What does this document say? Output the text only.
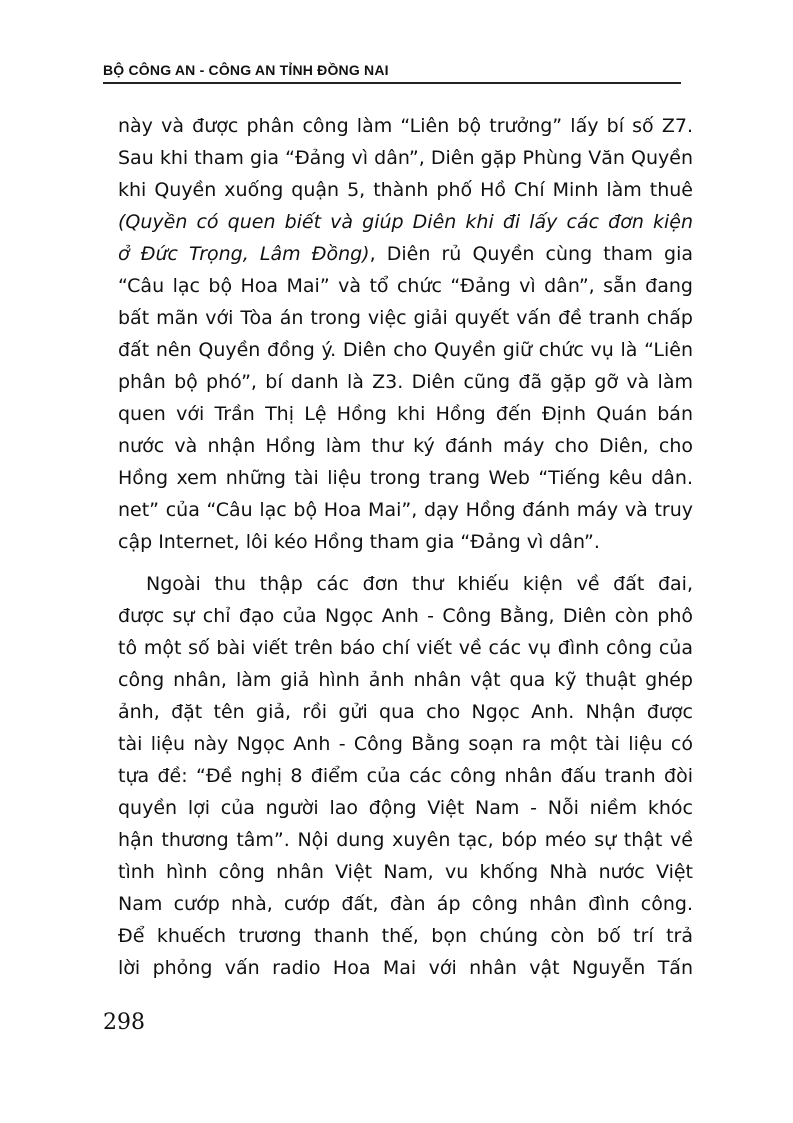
BỘ CÔNG AN - CÔNG AN TỈNH ĐỒNG NAI
này và được phân công làm “Liên bộ trưởng” lấy bí số Z7.
Sau khi tham gia “Đảng vì dân”, Diên gặp Phùng Văn Quyền
khi Quyền xuống quận 5, thành phố Hồ Chí Minh làm thuê
(Quyền có quen biết và giúp Diên khi đi lấy các đơn kiện
ở Đức Trọng, Lâm Đồng), Diên rủ Quyền cùng tham gia
“Câu lạc bộ Hoa Mai” và tổ chức “Đảng vì dân”, sẵn đang
bất mãn với Tòa án trong việc giải quyết vấn đề tranh chấp
đất nên Quyền đồng ý. Diên cho Quyền giữ chức vụ là “Liên
phân bộ phó”, bí danh là Z3. Diên cũng đã gặp gỡ và làm
quen với Trần Thị Lệ Hồng khi Hồng đến Định Quán bán
nước và nhận Hồng làm thư ký đánh máy cho Diên, cho
Hồng xem những tài liệu trong trang Web “Tiếng kêu dân.
net” của “Câu lạc bộ Hoa Mai”, dạy Hồng đánh máy và truy
cập Internet, lôi kéo Hồng tham gia “Đảng vì dân”.
Ngoài thu thập các đơn thư khiếu kiện về đất đai,
được sự chỉ đạo của Ngọc Anh - Công Bằng, Diên còn phô
tô một số bài viết trên báo chí viết về các vụ đình công của
công nhân, làm giả hình ảnh nhân vật qua kỹ thuật ghép
ảnh, đặt tên giả, rồi gửi qua cho Ngọc Anh. Nhận được
tài liệu này Ngọc Anh - Công Bằng soạn ra một tài liệu có
tựa đề: “Đề nghị 8 điểm của các công nhân đấu tranh đòi
quyền lợi của người lao động Việt Nam - Nỗi niềm khóc
hận thương tâm”. Nội dung xuyên tạc, bóp méo sự thật về
tình hình công nhân Việt Nam, vu khống Nhà nước Việt
Nam cướp nhà, cướp đất, đàn áp công nhân đình công.
Để khuếch trương thanh thế, bọn chúng còn bố trí trả
lời phỏng vấn radio Hoa Mai với nhân vật Nguyễn Tấn
298
